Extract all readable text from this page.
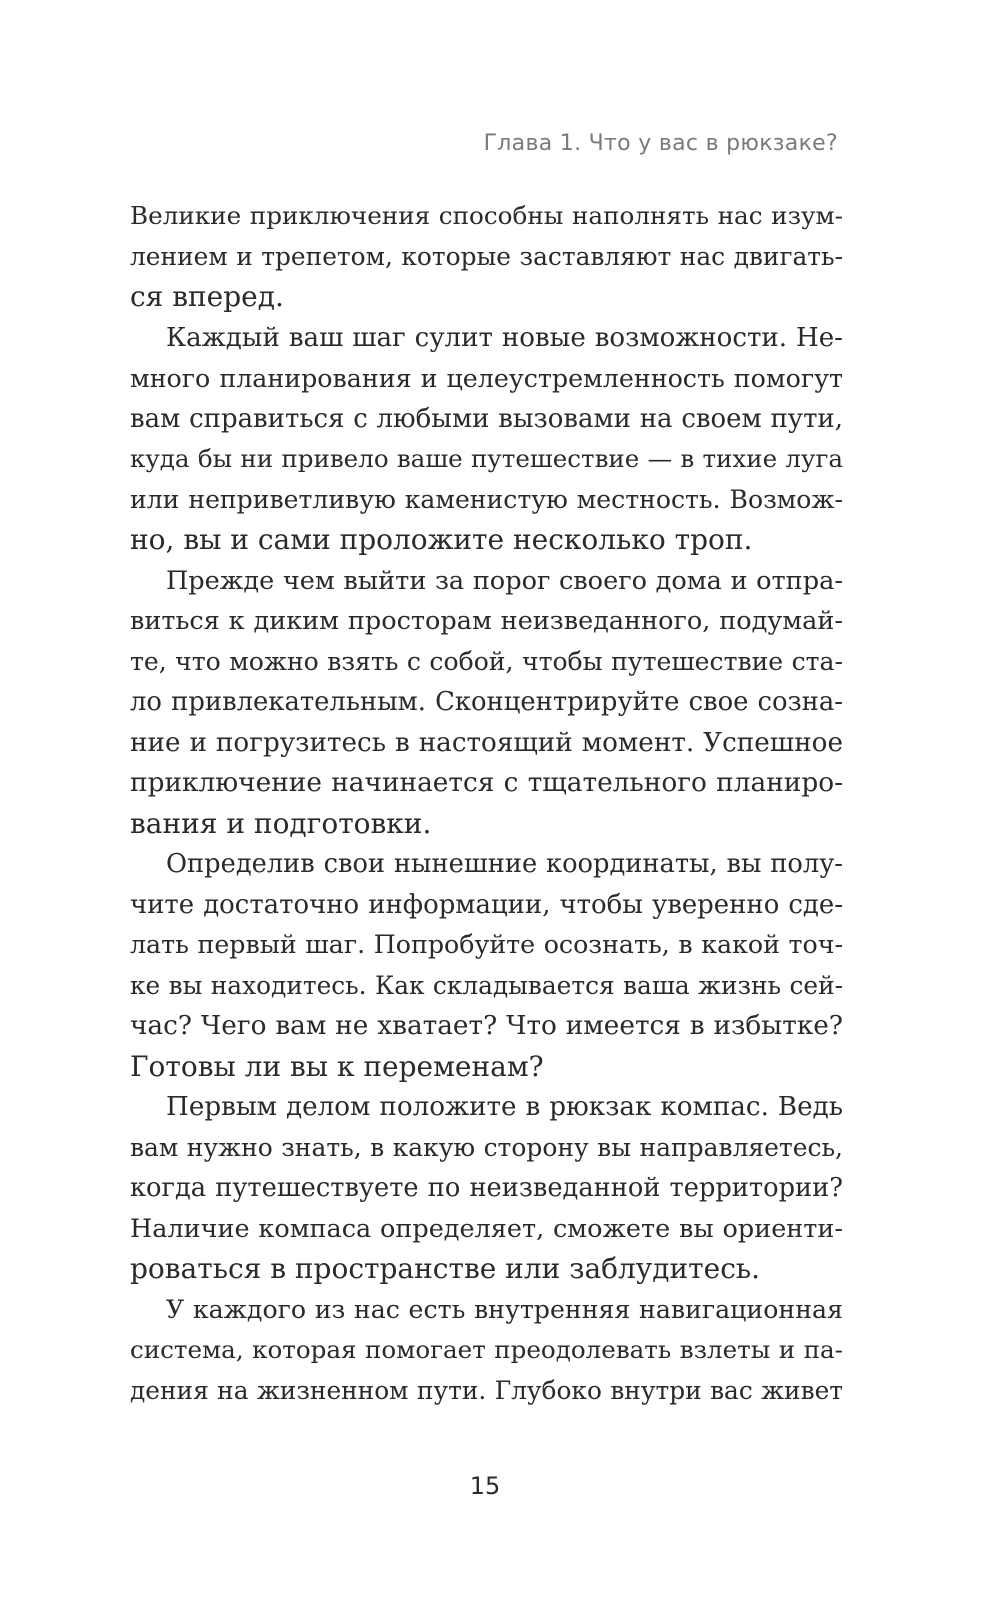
Глава 1. Что у вас в рюкзаке?

Великие приключения способны наполнять нас изум-
лением и трепетом, которые заставляют нас двигать-
ся вперед.

Каждый ваш шаг сулит новые возможности. Не-
много планирования и целеустремленность помогут
вам справиться с любыми вызовами на своем пути,
куда бы ни привело ваше путешествие — в тихие луга
или неприветливую каменистую местность. Возмож-
но, вы и сами проложите несколько троп.

Прежде чем выйти за порог своего дома и отпра-
виться к диким просторам неизведанного, подумай-
те, что можно взять с собой, чтобы путешествие ста-
ло привлекательным. Сконцентрируйте свое созна-
ние и погрузитесь в настоящий момент. Успешное
приключение начинается с тщательного планиро-
вания и подготовки.

Определив свои нынешние координаты, вы полу-
чите достаточно информации, чтобы уверенно сде-
лать первый шаг. Попробуйте осознать, в какой точ-
ке вы находитесь. Как складывается ваша жизнь сей-
час? Чего вам не хватает? Что имеется в избытке?
Готовы ли вы к переменам?

Первым делом положите в рюкзак компас. Ведь
вам нужно знать, в какую сторону вы направляетесь,
когда путешествуете по неизведанной территории?
Наличие компаса определяет, сможете вы ориенти-
роваться в пространстве или заблудитесь.

У каждого из нас есть внутренняя навигационная
система, которая помогает преодолевать взлеты и па-
дения на жизненном пути. Глубоко внутри вас живет

15
